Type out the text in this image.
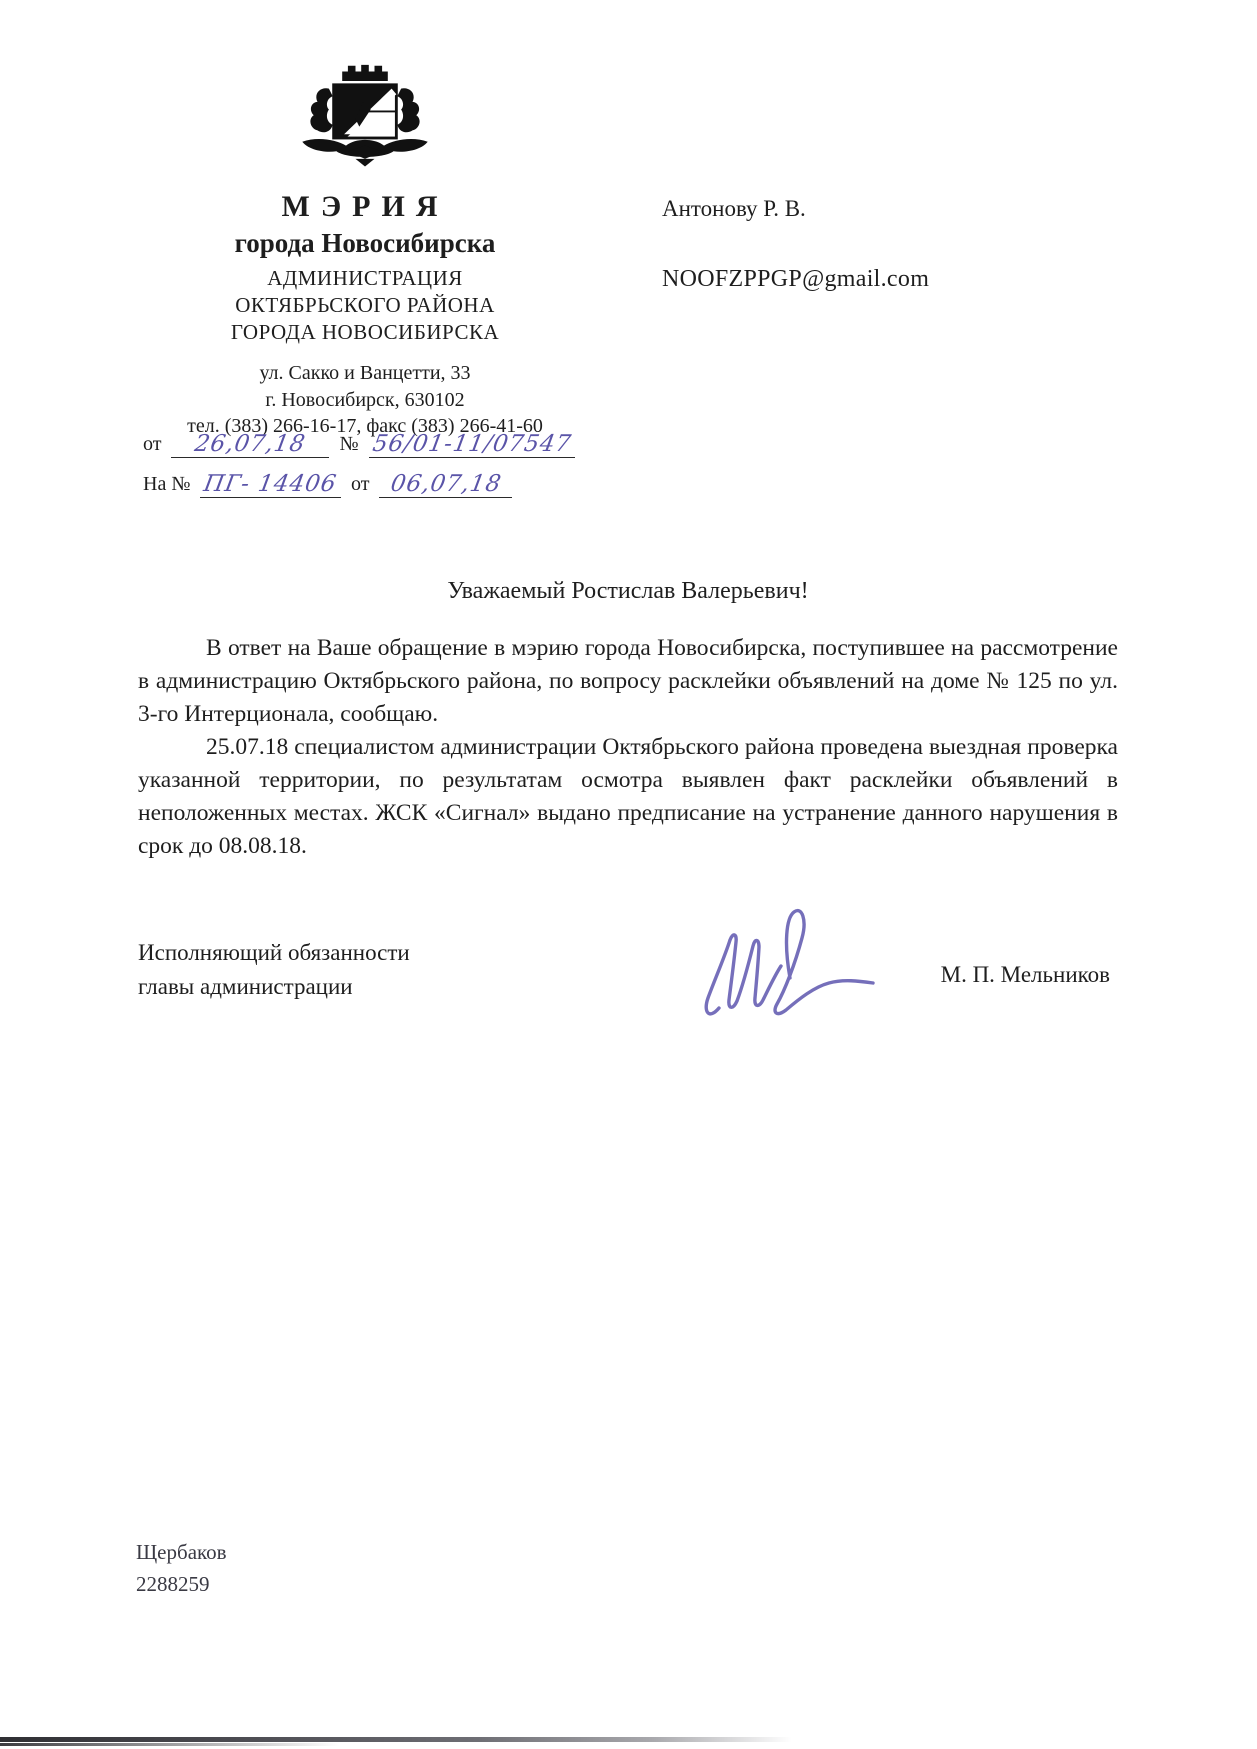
МЭРИЯ
города Новосибирска
АДМИНИСТРАЦИЯ
ОКТЯБРЬСКОГО РАЙОНА
ГОРОДА НОВОСИБИРСКА
ул. Сакко и Ванцетти, 33
г. Новосибирск, 630102
тел. (383) 266-16-17, факс (383) 266-41-60
от	26,07,18	№ 56/01-11/07547
На № ПГ- 14406 от 06,07,18
Антонову Р. В.
NOOFZPPGP@gmail.com
Уважаемый Ростислав Валерьевич!

В ответ на Ваше обращение в мэрию города Новосибирска, поступившее на рассмотрение в администрацию Октябрьского района, по вопросу расклейки объявлений на доме № 125 по ул. 3-го Интерционала, сообщаю.

25.07.18 специалистом администрации Октябрьского района проведена выездная проверка указанной территории, по результатам осмотра выявлен факт расклейки объявлений в неположенных местах. ЖСК «Сигнал» выдано предписание на устранение данного нарушения в срок до 08.08.18.

Исполняющий обязанности
главы администрации	М. П. Мельников
Щербаков
2288259
